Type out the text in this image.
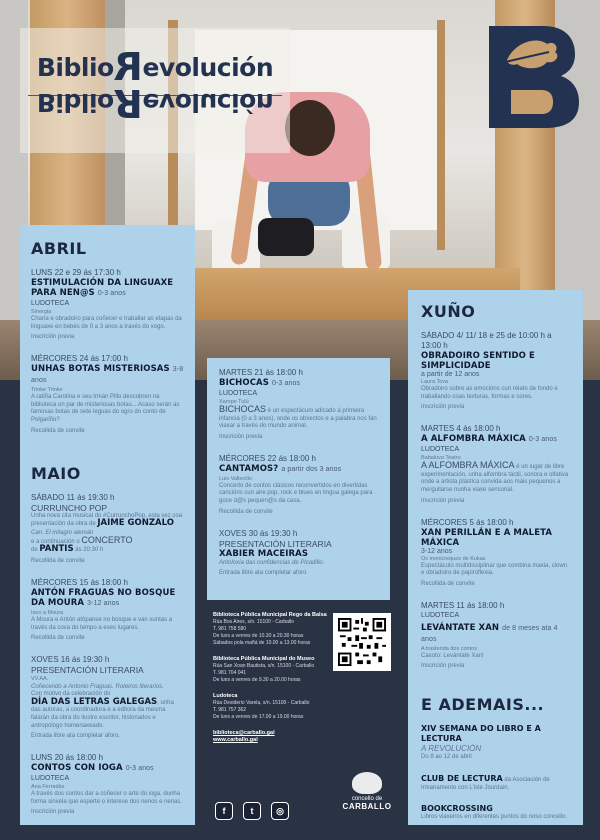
BiblioRevolución
BiblioRevolución
ABRIL
LUNS 22 e 29 ás 17:30 h
ESTIMULACIÓN DA LINGUAXE PARA NEN@S 0-3 anos
LUDOTECA
Sinergia
Charla e obradoiro para coñecer e traballar as etapas da linguaxe en bebés de 0 a 3 anos a través do xogo.
Inscrición previa
MÉRCORES 24 ás 17:00 h
UNHAS BOTAS MISTERIOSAS 3-8 anos
Trinke Trinke
A ratiña Carolina e seu irmán Pillo descobren na biblioteca un par de misteriosas botas... Acaso serán as famosas botas de sete leguas do ogro do conto de Polgariño?
Recollida de convite
MAIO
SÁBADO 11 ás 19:30 h
CURRUNCHO POP
Unha nova cita musical do #CurrunchoPop, esta vez coa presentación da obra de JAIME GONZALO
Can. El milagro alemán
e a continuación o CONCERTO
de PANTIS ás 20:30 h
Recollida de convite
MÉRCORES 15 ás 18:00 h
ANTÓN FRAGUAS NO BOSQUE DA MOURA 3-12 anos
Iseo a Moura
A Moura e Antón atópanse no bosque e van xuntas a través da cova do tempo a eses lugares.
Recollida de convite
XOVES 16 ás 19:30 h
PRESENTACIÓN LITERARIA
VV.AA.
Coñecendo a Antonio Fraguas. Roteiros literarios.
Con motivo da celebración do
DÍA DAS LETRAS GALEGAS, unha das autoras, a coordinadora e a editora da mesma falarán da obra do ilustre escritor, historiados e antropólogo homenaxeado.
Entrada libre ata completar aforo.
LUNS 20 ás 18:00 h
CONTOS CON IOGA 0-3 anos
LUDOTECA
Ana Ferradás
A través dos contos dar a coñecer o arte do ioga, dunha forma sinxela que esperte o interese dos nenos e nenas.
Inscrición previa
MARTES 21 ás 18:00 h
BICHOCAS 0-3 anos
LUDOTECA
Xarope Tulú
BICHOCAS é un espectáculo adicado á primeira infancia (0 a 3 anos), onde os obxectos e a palabra nos fan viaxar a través do mundo animal.
Inscrición previa
MÉRCORES 22 ás 18:00 h
CANTAMOS? a partir dos 3 anos
Luis Vallecillo
Concerto de contos clásicos reconvertidos en divertidas cancións cun aire pop, rock e blues en lingua galega para goce d@s pequen@s da casa.
Recollida de convite
XOVES 30 ás 19:30 h
PRESENTACIÓN LITERARIA
XABIER MACEIRAS
Antoloxía das confidencias de Picadillo.
Entrada libre ata completar aforo
XUÑO
SÁBADO 4/ 11/ 18 e 25 de 10:00 h a 13:00 h
OBRADOIRO SENTIDO E SIMPLICIDADE
a partir de 12 anos
Laura Tova
Obradoiro sobre as emocións cun relato de fondo e traballando coas texturas, formas e cores.
Inscrición previa
MARTES 4 ás 18:00 h
A ALFOMBRA MÁXICA 0-3 anos
LUDOTECA
Babaluva Teatro
A ALFOMBRA MÁXICA é un lugar de libre experimentación, unha alfombra táctil, sonora e olfativa onde a artista plástica convida aos máis pequenos a mergullarse nunha viaxe sensorial.
Inscrición previa
MÉRCORES 5 ás 18:00 h
XAN PERILLÁN E A MALETA MÁXICA
3-12 anos
Os monicreques de Kukas
Espectáculo multidisciplinar que combina maxia, clown e obradoiro de papiroflexia.
Recollida de convite
MARTES 11 ás 18:00 h
LUDOTECA
LEVÁNTATE XAN de 8 meses ata 4 anos
A trastenda dos contos
Caxoto: Levántate Xan!
Inscrición previa
E ADEMAIS...
XIV SEMANA DO LIBRO E A LECTURA
A REVOLUCIÓN
Do 8 ao 12 de abril
CLUB DE LECTURA da Asociación de Irmanamento con L'isle Jourdain.
BOOKCROSSING
Libros viaxeiros en diferentes puntos do noso concello.
Biblioteca Pública Municipal Rego da Balsa
Rúa Bos Aires, s/n. 15100 - Carballo
T. 981 758 580
De luns a venres de 10.30 a 20.30 horas
Sábados pola mañá de 10.00 a 13.00 horas
Biblioteca Pública Municipal do Museo
Rúa San Xoan Bautista, s/n. 15100 - Carballo
T. 981 704 041
De luns a venres de 9.30 a 20.00 horas
Ludoteca
Rúa Desiderio Varela, s/n. 15100 - Carballo
T. 981 757 362
De luns a venres de 17.00 a 19.00 horas
biblioteca@carballo.gal
www.carballo.gal
f	t	◎
concello de
CARBALLO
